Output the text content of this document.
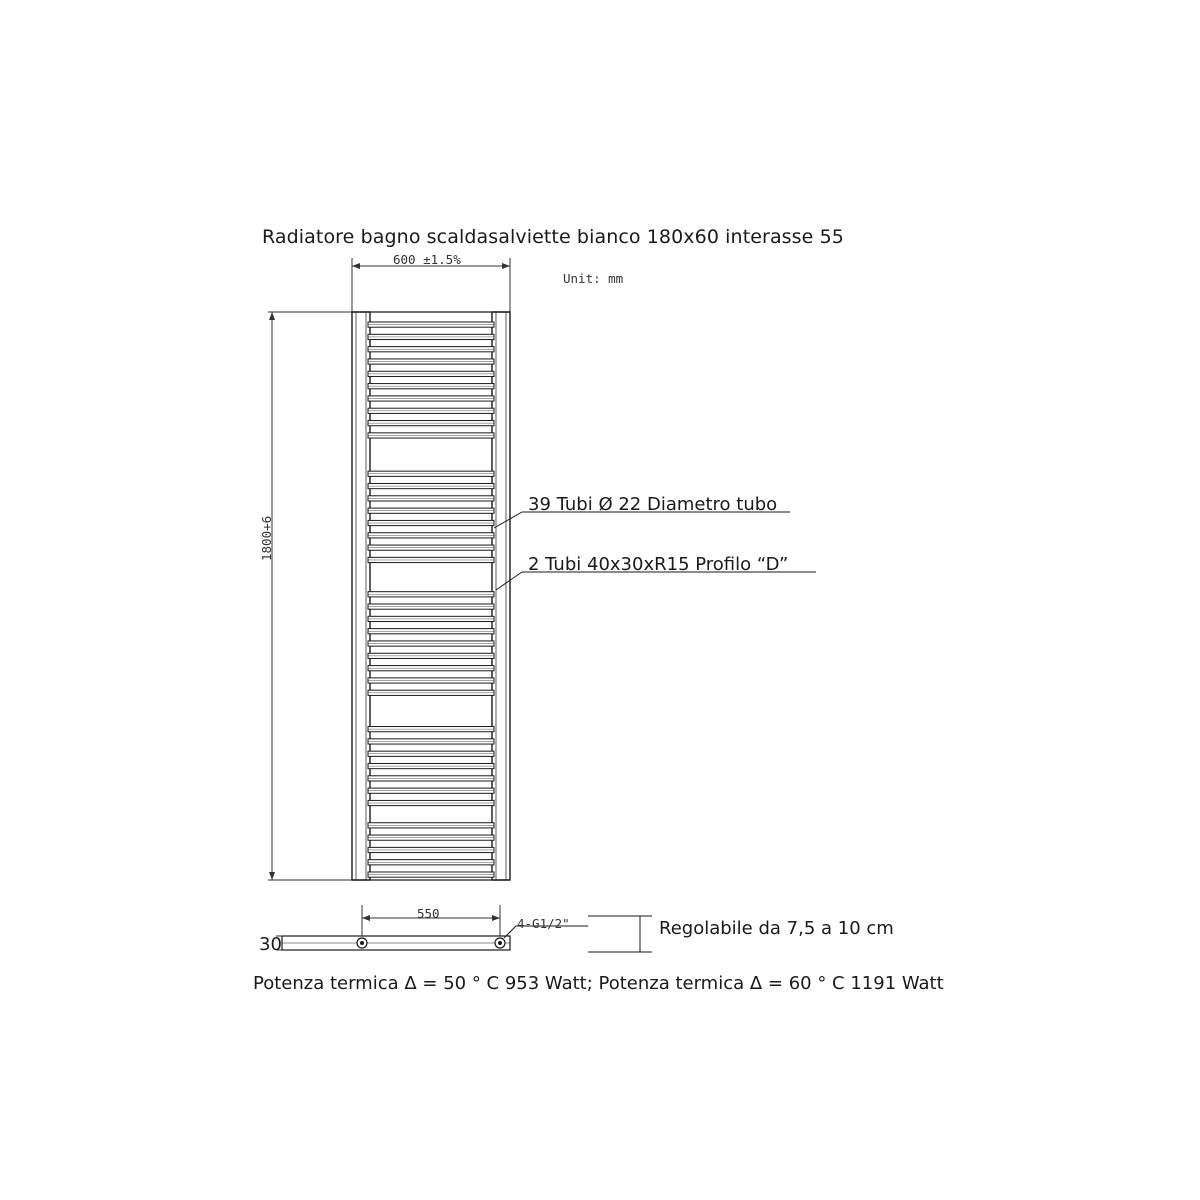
Radiatore bagno scaldasalviette bianco 180x60 interasse 55
Unit: mm
600 ±1.5%
1800+6
39 Tubi Ø 22 Diametro tubo
2 Tubi 40x30xR15 Profilo “D”
550
4-G1/2"
30
Regolabile da 7,5 a 10 cm
Potenza termica Δ = 50 ° C 953 Watt; Potenza termica Δ = 60 ° C 1191 Watt
